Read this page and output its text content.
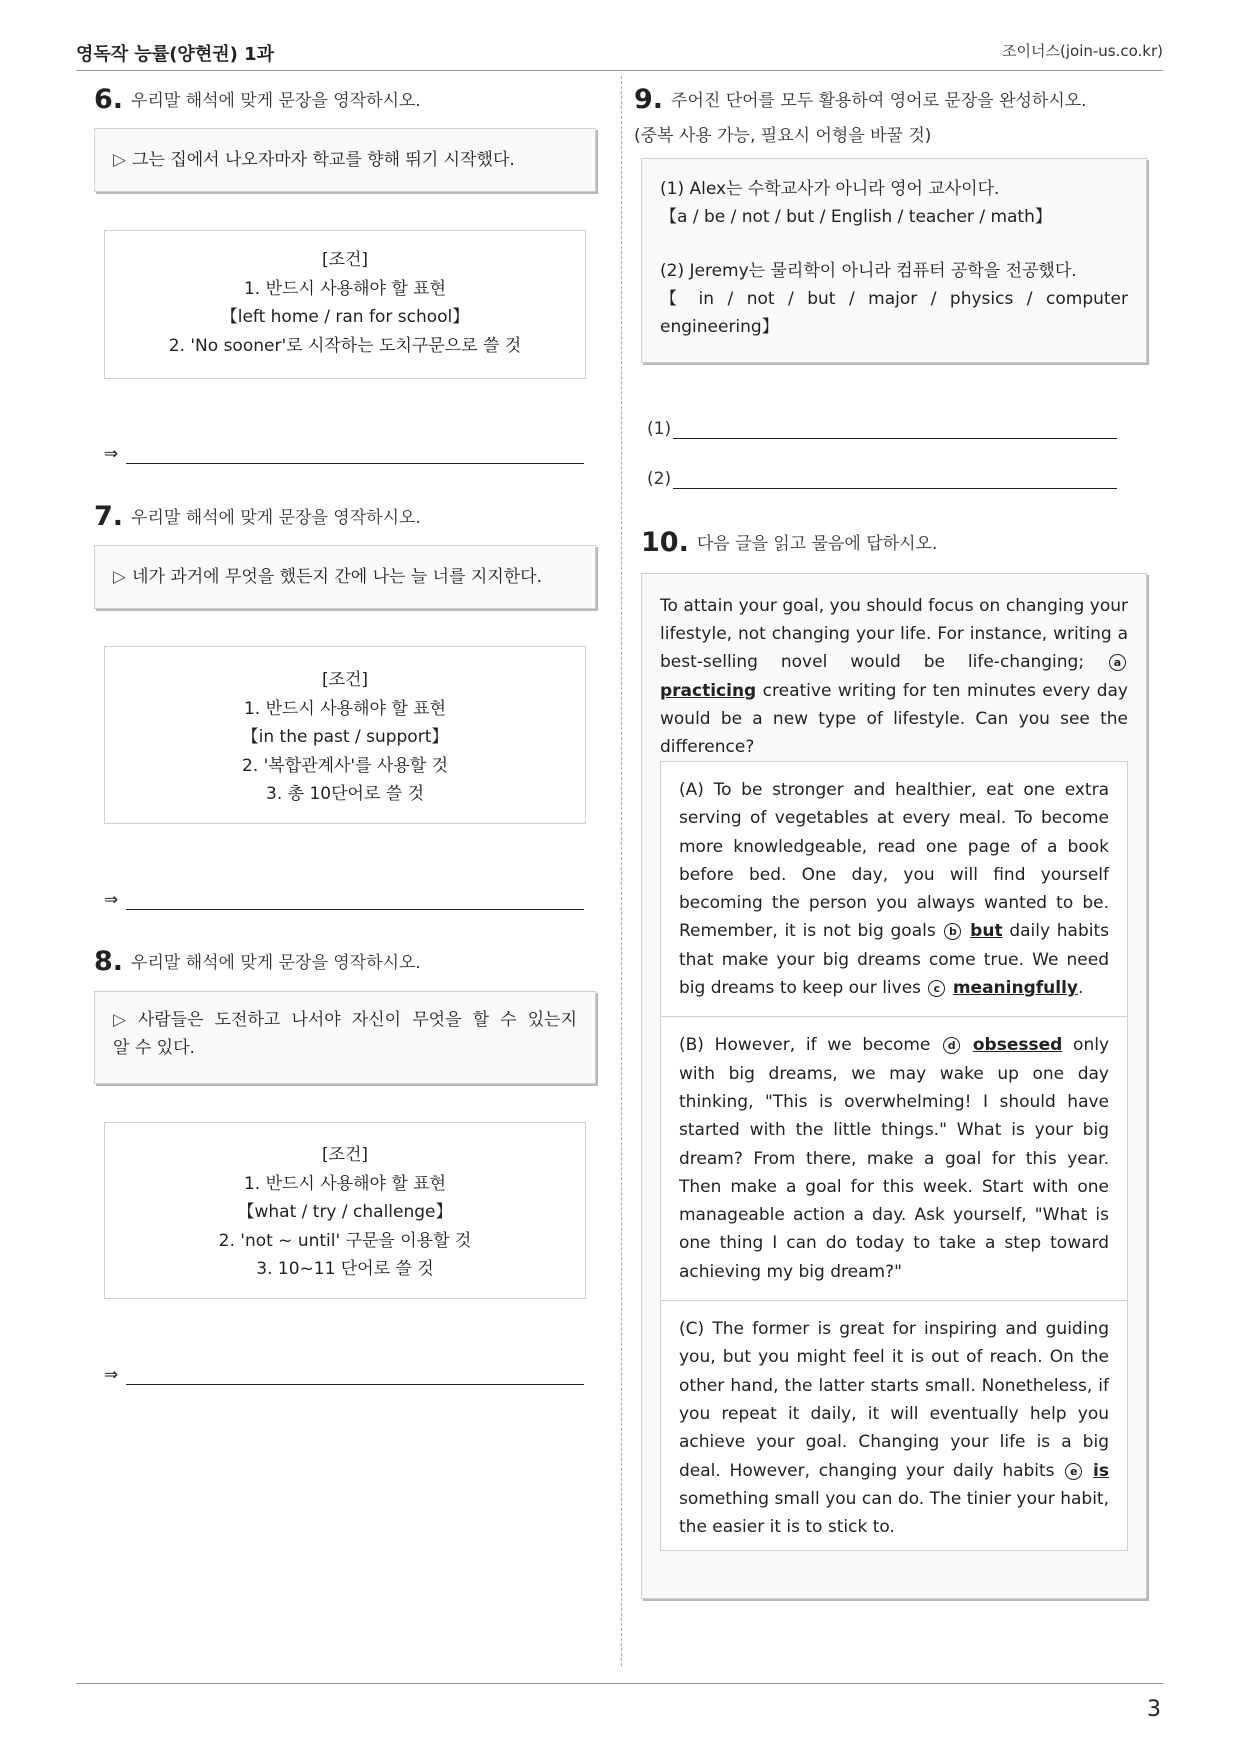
영독작 능률(양현권) 1과	조이너스(join-us.co.kr)
6. 우리말 해석에 맞게 문장을 영작하시오.
▷ 그는 집에서 나오자마자 학교를 향해 뛰기 시작했다.
[조건]
1. 반드시 사용해야 할 표현
【left home / ran for school】
2. 'No sooner'로 시작하는 도치구문으로 쓸 것
⇒
7. 우리말 해석에 맞게 문장을 영작하시오.
▷ 네가 과거에 무엇을 했든지 간에 나는 늘 너를 지지한다.
[조건]
1. 반드시 사용해야 할 표현
【in the past / support】
2. '복합관계사'를 사용할 것
3. 총 10단어로 쓸 것
⇒
8. 우리말 해석에 맞게 문장을 영작하시오.
▷ 사람들은 도전하고 나서야 자신이 무엇을 할 수 있는지
알 수 있다.
[조건]
1. 반드시 사용해야 할 표현
【what / try / challenge】
2. 'not ~ until' 구문을 이용할 것
3. 10~11 단어로 쓸 것
⇒
9. 주어진 단어를 모두 활용하여 영어로 문장을 완성하시오.
(중복 사용 가능, 필요시 어형을 바꿀 것)
(1) Alex는 수학교사가 아니라 영어 교사이다.
【a / be / not / but / English / teacher / math】
(2) Jeremy는 물리학이 아니라 컴퓨터 공학을 전공했다.
【 in / not / but / major / physics / computer
engineering】
(1)
(2)
10. 다음 글을 읽고 물음에 답하시오.

To attain your goal, you should focus on changing your lifestyle, not changing your life. For instance, writing a best-selling novel would be life-changing;	a practicing creative writing for ten minutes every day would be a new type of lifestyle. Can you see the difference?

(A) To be stronger and healthier, eat one extra serving of vegetables at every meal. To become more knowledgeable, read one page of a book before bed. One day, you will find yourself becoming the person you always wanted to be. Remember, it is not big goals b but daily habits that make your big dreams come true. We need big dreams to keep our lives c meaningfully.
(B) However, if we become d obsessed only with big dreams, we may wake up one day thinking, "This is overwhelming! I should have started with the little things." What is your big dream? From there, make a goal for this year. Then make a goal for this week. Start with one manageable action a day. Ask yourself, "What is one thing I can do today to take a step toward achieving my big dream?"
(C) The former is great for inspiring and guiding you, but you might feel it is out of reach. On the other hand, the latter starts small. Nonetheless, if you repeat it daily, it will eventually help you achieve your goal. Changing your life is a big deal. However, changing your daily habits e is something small you can do. The tinier your habit, the easier it is to stick to.
3
